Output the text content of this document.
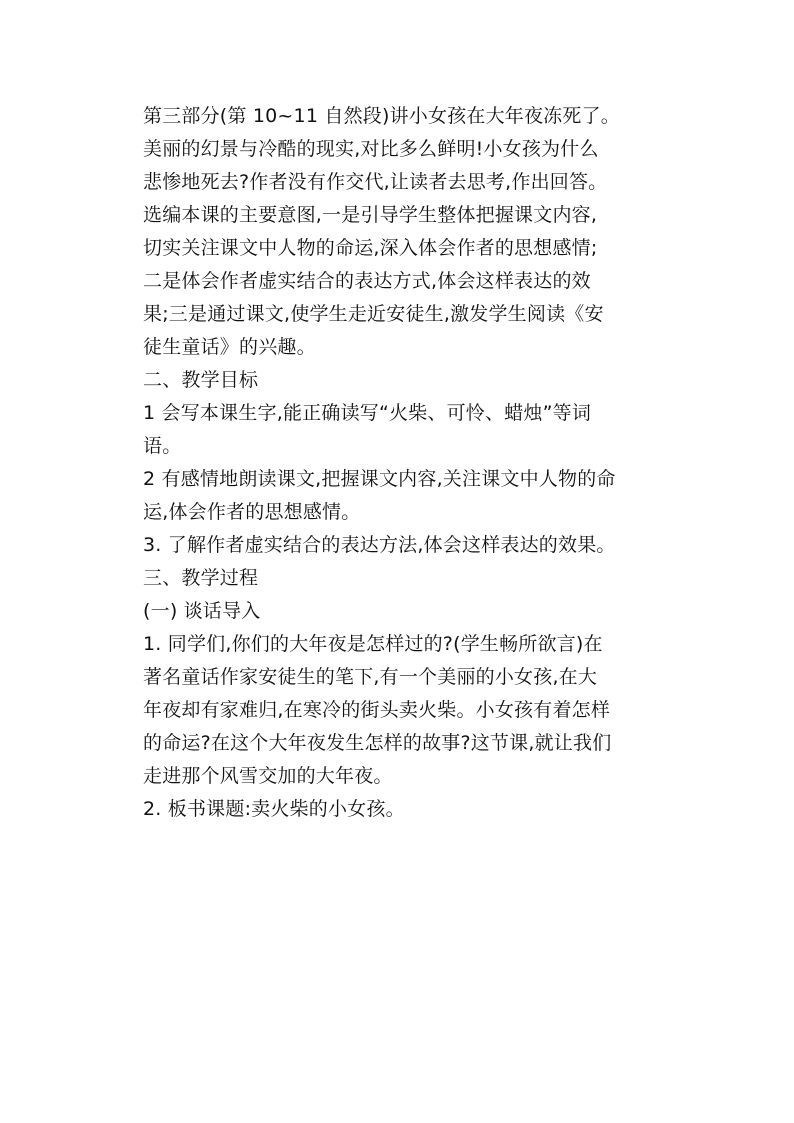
第三部分(第 10~11 自然段)讲小女孩在大年夜冻死了。
美丽的幻景与冷酷的现实,对比多么鲜明!小女孩为什么
悲惨地死去?作者没有作交代,让读者去思考,作出回答。
选编本课的主要意图,一是引导学生整体把握课文内容,
切实关注课文中人物的命运,深入体会作者的思想感情;
二是体会作者虚实结合的表达方式,体会这样表达的效
果;三是通过课文,使学生走近安徒生,激发学生阅读《安
徒生童话》的兴趣。
二、教学目标
1 会写本课生字,能正确读写“火柴、可怜、蜡烛”等词
语。
2 有感情地朗读课文,把握课文内容,关注课文中人物的命
运,体会作者的思想感情。
3. 了解作者虚实结合的表达方法,体会这样表达的效果。
三、教学过程
(一) 谈话导入
1. 同学们,你们的大年夜是怎样过的?(学生畅所欲言)在
著名童话作家安徒生的笔下,有一个美丽的小女孩,在大
年夜却有家难归,在寒冷的街头卖火柴。小女孩有着怎样
的命运?在这个大年夜发生怎样的故事?这节课,就让我们
走进那个风雪交加的大年夜。
2. 板书课题:卖火柴的小女孩。
